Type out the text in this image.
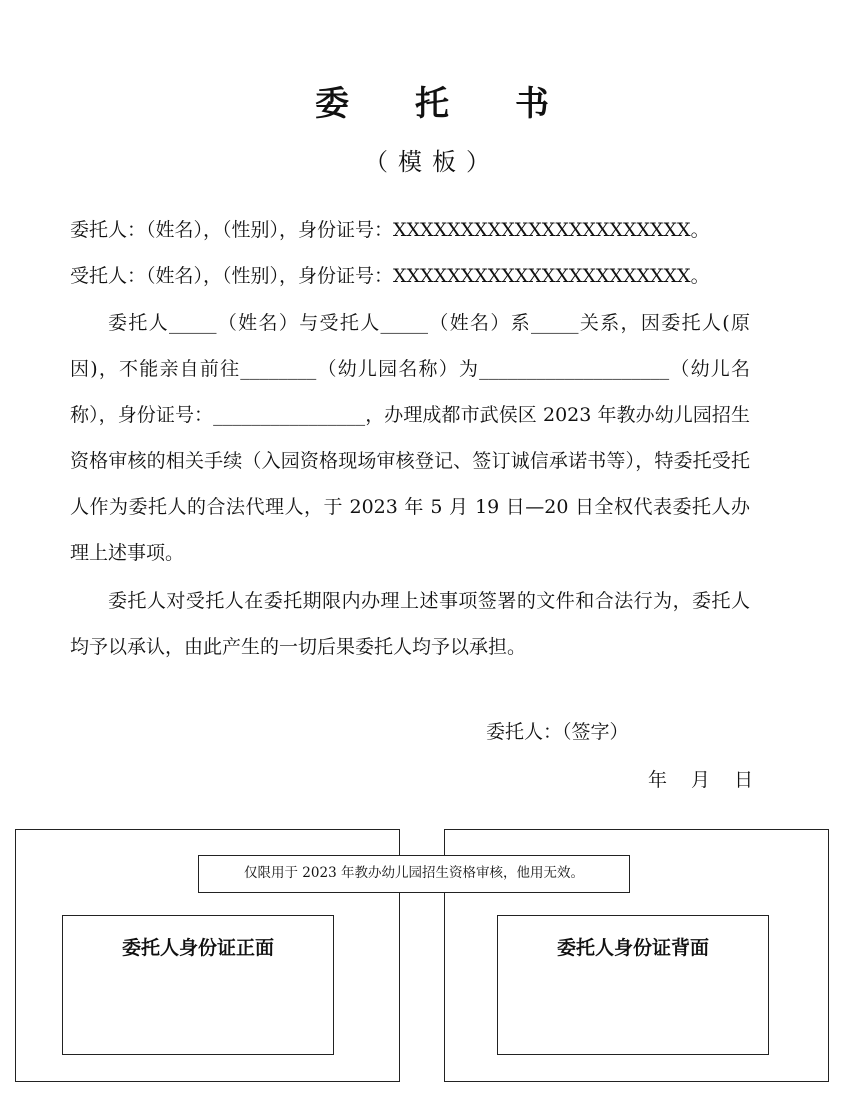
委托书
（模板）

委托人：（姓名），（性别），身份证号：XXXXXXXXXXXXXXXXXXXXXX。

受托人：（姓名），（性别），身份证号：XXXXXXXXXXXXXXXXXXXXXX。

委托人_____（姓名）与受托人_____（姓名）系_____关系，因委托人(原因)，不能亲自前往________（幼儿园名称）为____________________（幼儿名称），身份证号：________________，办理成都市武侯区 2023 年教办幼儿园招生资格审核的相关手续（入园资格现场审核登记、签订诚信承诺书等），特委托受托人作为委托人的合法代理人，于 2023 年 5 月 19 日—20 日全权代表委托人办理上述事项。

委托人对受托人在委托期限内办理上述事项签署的文件和合法行为，委托人均予以承认，由此产生的一切后果委托人均予以承担。

委托人：（签字）
年 月 日
委托人身份证正面	委托人身份证背面
仅限用于 2023 年教办幼儿园招生资格审核，他用无效。
